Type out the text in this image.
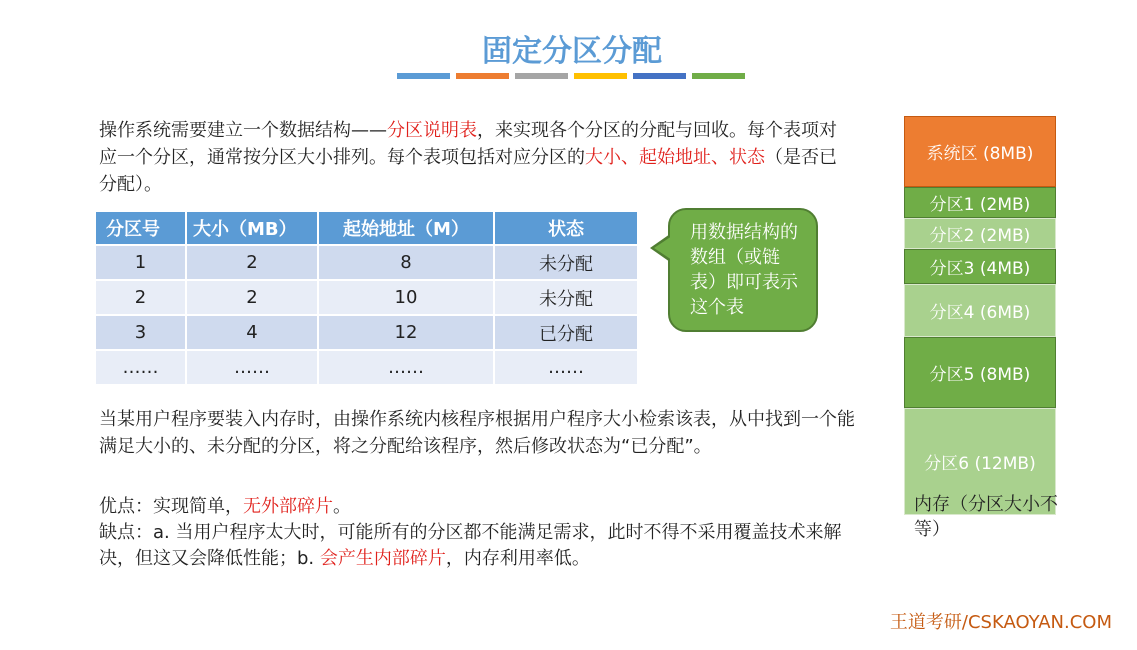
固定分区分配
操作系统需要建立一个数据结构——分区说明表，来实现各个分区的分配与回收。每个表项对应一个分区，通常按分区大小排列。每个表项包括对应分区的大小、起始地址、状态（是否已分配）。
分区号	大小（MB）	起始地址（M）	状态
1	2	8	未分配
2	2	10	未分配
3	4	12	已分配
……	……	……	……
用数据结构的数组（或链表）即可表示这个表
系统区 (8MB)
分区1 (2MB)
分区2 (2MB)
分区3 (4MB)
分区4 (6MB)
分区5 (8MB)
分区6 (12MB)
内存（分区大小不等）
当某用户程序要装入内存时，由操作系统内核程序根据用户程序大小检索该表，从中找到一个能满足大小的、未分配的分区，将之分配给该程序，然后修改状态为“已分配”。
优点：实现简单，无外部碎片。
缺点：a. 当用户程序太大时，可能所有的分区都不能满足需求，此时不得不采用覆盖技术来解决，但这又会降低性能；b. 会产生内部碎片，内存利用率低。
王道考研/CSKAOYAN.COM
